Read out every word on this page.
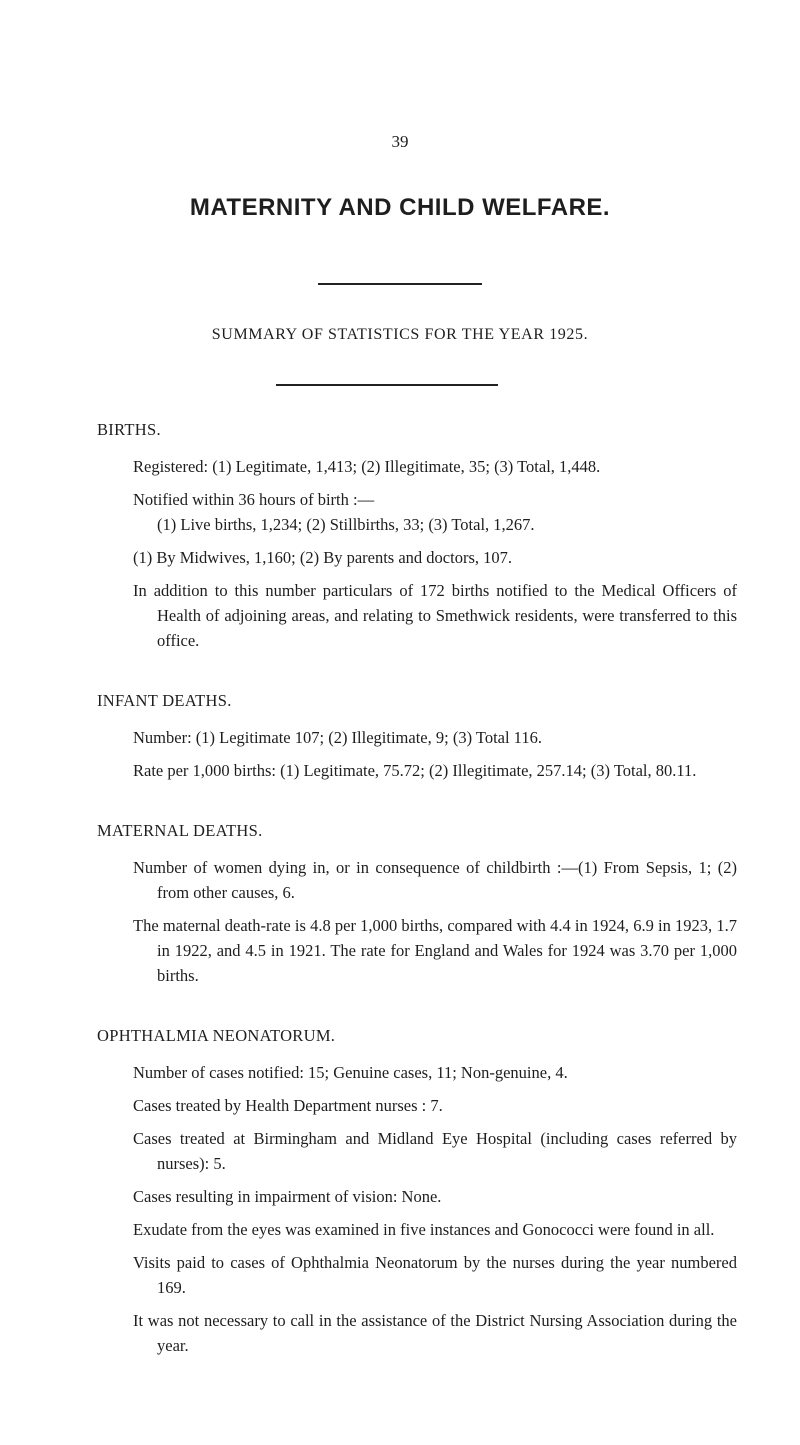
39
MATERNITY AND CHILD WELFARE.
SUMMARY OF STATISTICS FOR THE YEAR 1925.
BIRTHS.

Registered: (1) Legitimate, 1,413; (2) Illegitimate, 35; (3) Total, 1,448.

Notified within 36 hours of birth :—

(1) Live births, 1,234; (2) Stillbirths, 33; (3) Total, 1,267.

(1) By Midwives, 1,160; (2) By parents and doctors, 107.

In addition to this number particulars of 172 births notified to the Medical Officers of Health of adjoining areas, and relating to Smethwick residents, were transferred to this office.

INFANT DEATHS.

Number: (1) Legitimate 107; (2) Illegitimate, 9; (3) Total 116.

Rate per 1,000 births: (1) Legitimate, 75.72; (2) Illegitimate, 257.14; (3) Total, 80.11.

MATERNAL DEATHS.

Number of women dying in, or in consequence of childbirth :—(1) From Sepsis, 1; (2) from other causes, 6.

The maternal death-rate is 4.8 per 1,000 births, compared with 4.4 in 1924, 6.9 in 1923, 1.7 in 1922, and 4.5 in 1921. The rate for England and Wales for 1924 was 3.70 per 1,000 births.

OPHTHALMIA NEONATORUM.

Number of cases notified: 15; Genuine cases, 11; Non-genuine, 4.

Cases treated by Health Department nurses : 7.

Cases treated at Birmingham and Midland Eye Hospital (including cases referred by nurses): 5.

Cases resulting in impairment of vision: None.

Exudate from the eyes was examined in five instances and Gonococci were found in all.

Visits paid to cases of Ophthalmia Neonatorum by the nurses during the year numbered 169.

It was not necessary to call in the assistance of the District Nursing Association during the year.
